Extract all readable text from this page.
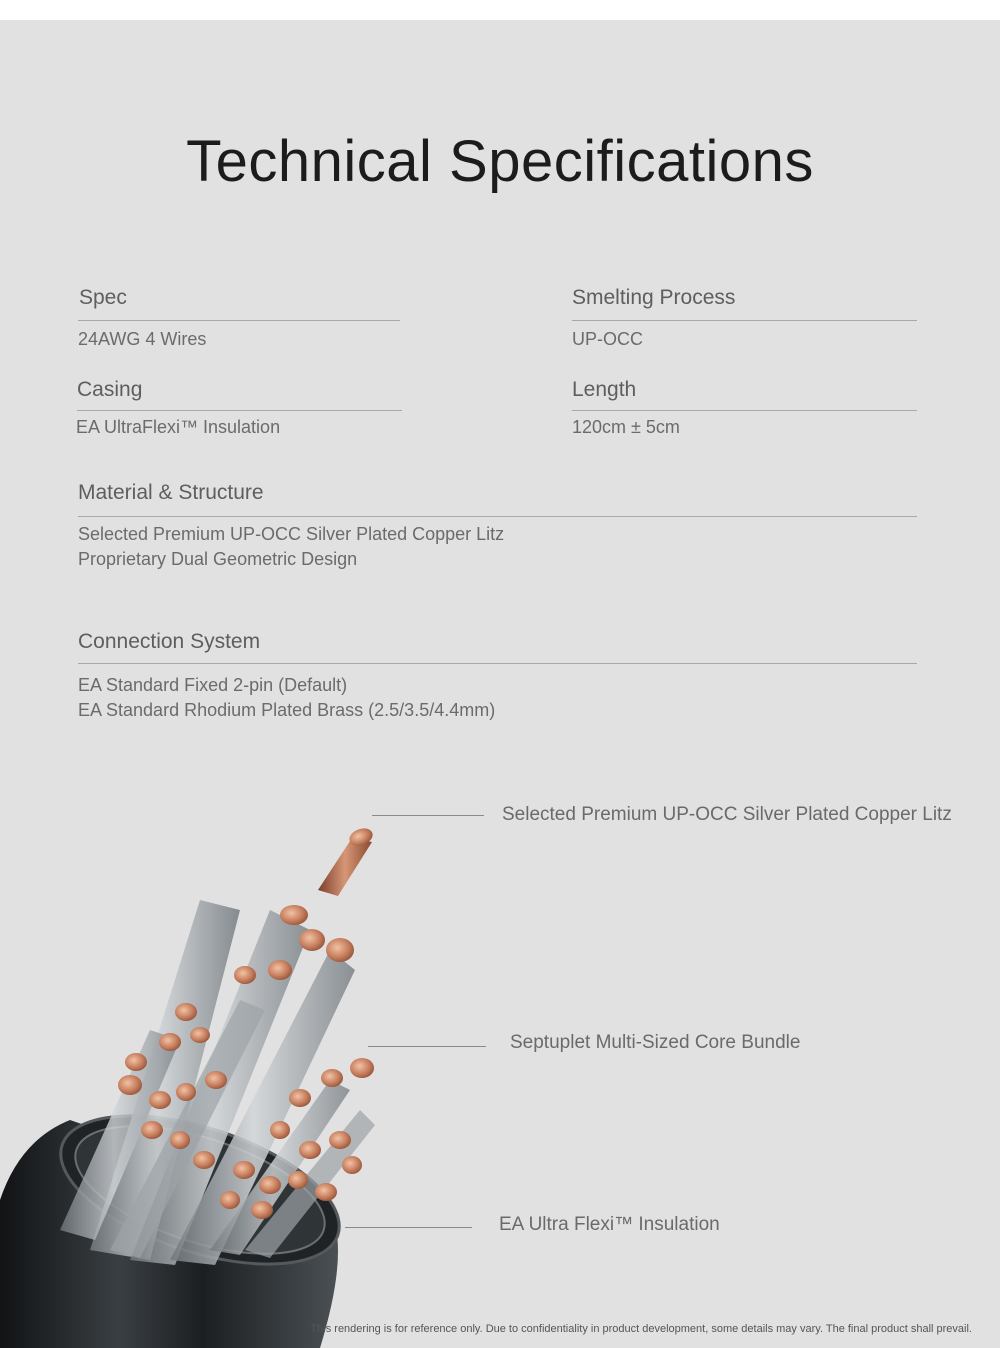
Technical Specifications

Spec

24AWG 4 Wires

Smelting Process

UP-OCC

Casing

EA UltraFlexi™ Insulation

Length

120cm ± 5cm

Material & Structure

Selected Premium UP-OCC Silver Plated Copper Litz

Proprietary Dual Geometric Design

Connection System

EA Standard Fixed 2-pin (Default)

EA Standard Rhodium Plated Brass (2.5/3.5/4.4mm)

Selected Premium UP-OCC Silver Plated Copper Litz
Septuplet Multi-Sized Core Bundle
EA Ultra Flexi™ Insulation
This rendering is for reference only. Due to confidentiality in product development, some details may vary. The final product shall prevail.
